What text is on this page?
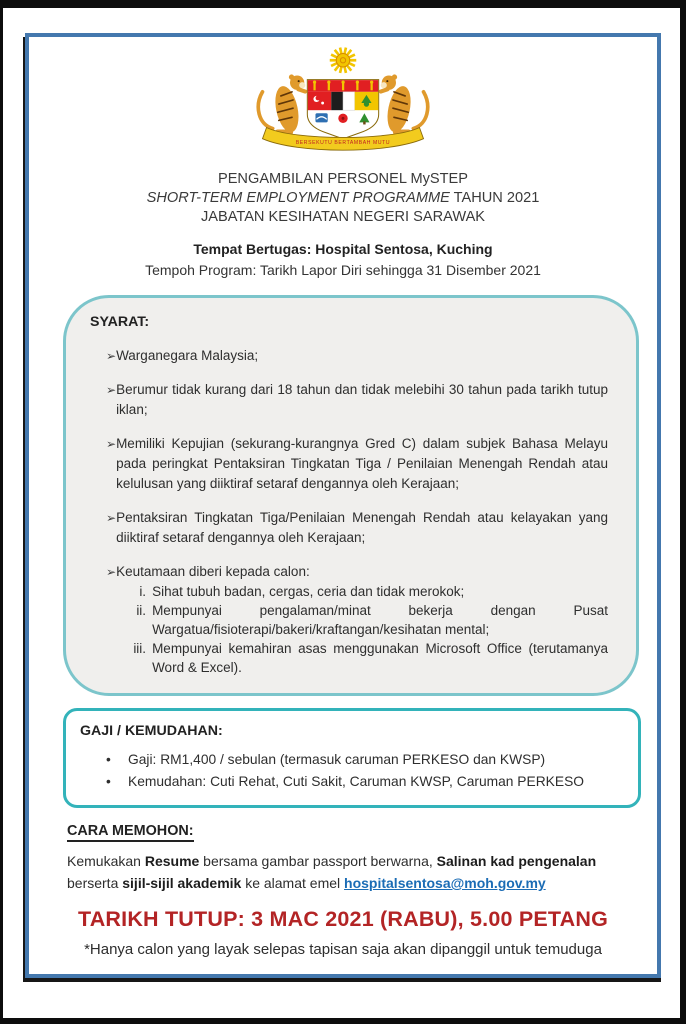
BERSEKUTU BERTAMBAH MUTU
PENGAMBILAN PERSONEL MySTEP
SHORT-TERM EMPLOYMENT PROGRAMME TAHUN 2021
JABATAN KESIHATAN NEGERI SARAWAK
Tempat Bertugas: Hospital Sentosa, Kuching
Tempoh Program: Tarikh Lapor Diri sehingga 31 Disember 2021
SYARAT:
➢ Warganegara Malaysia;
➢ Berumur tidak kurang dari 18 tahun dan tidak melebihi 30 tahun pada tarikh tutup iklan;
➢ Memiliki Kepujian (sekurang-kurangnya Gred C) dalam subjek Bahasa Melayu pada peringkat Pentaksiran Tingkatan Tiga / Penilaian Menengah Rendah atau kelulusan yang diiktiraf setaraf dengannya oleh Kerajaan;
➢ Pentaksiran Tingkatan Tiga/Penilaian Menengah Rendah atau kelayakan yang diiktiraf setaraf dengannya oleh Kerajaan;
➢ Keutamaan diberi kepada calon:
i. Sihat tubuh badan, cergas, ceria dan tidak merokok;
ii. Mempunyai pengalaman/minat bekerja dengan Pusat Wargatua/fisioterapi/bakeri/kraftangan/kesihatan mental;
iii. Mempunyai kemahiran asas menggunakan Microsoft Office (terutamanya Word & Excel).
GAJI / KEMUDAHAN:
•	Gaji: RM1,400 / sebulan (termasuk caruman PERKESO dan KWSP)
•	Kemudahan: Cuti Rehat, Cuti Sakit, Caruman KWSP, Caruman PERKESO
CARA MEMOHON:
Kemukakan Resume bersama gambar passport berwarna, Salinan kad pengenalan berserta sijil-sijil akademik ke alamat emel hospitalsentosa@moh.gov.my
TARIKH TUTUP: 3 MAC 2021 (RABU), 5.00 PETANG
*Hanya calon yang layak selepas tapisan saja akan dipanggil untuk temuduga
